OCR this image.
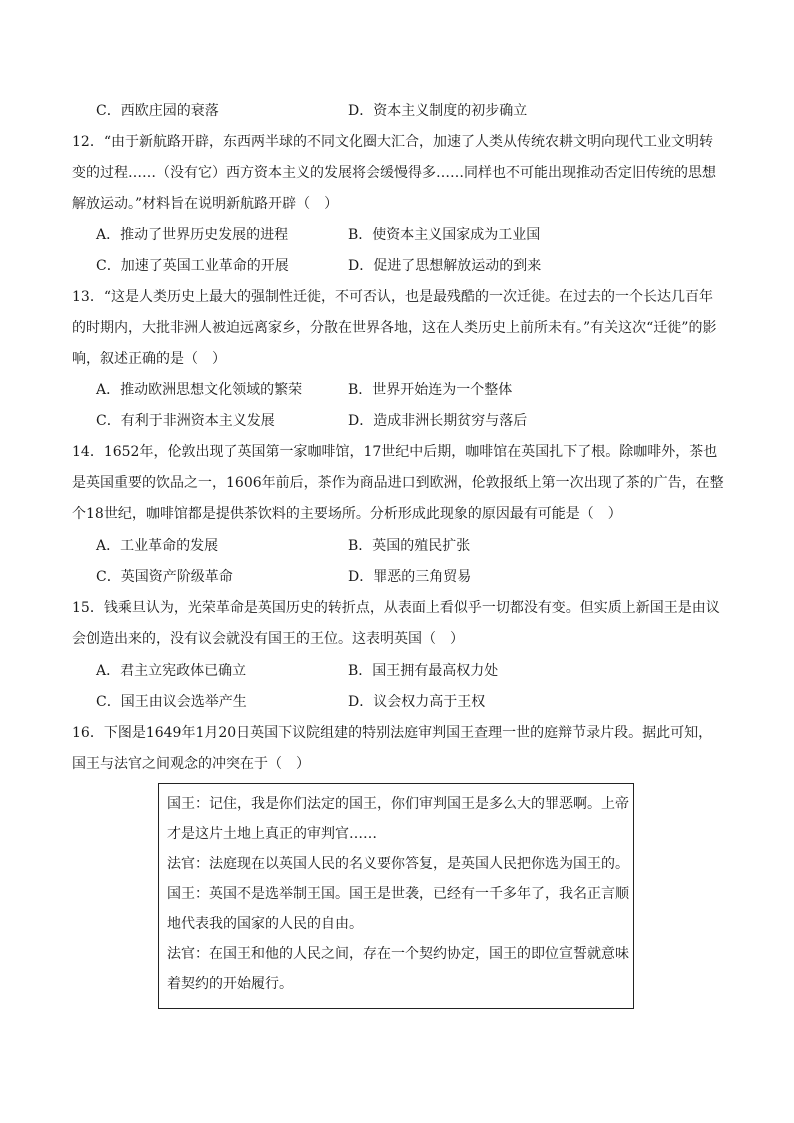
C．西欧庄园的衰落	D．资本主义制度的初步确立
12．“由于新航路开辟，东西两半球的不同文化圈大汇合，加速了人类从传统农耕文明向现代工业文明转
变的过程……（没有它）西方资本主义的发展将会缓慢得多……同样也不可能出现推动否定旧传统的思想
解放运动。”材料旨在说明新航路开辟（　）
A．推动了世界历史发展的进程	B．使资本主义国家成为工业国
C．加速了英国工业革命的开展	D．促进了思想解放运动的到来
13．“这是人类历史上最大的强制性迁徙，不可否认，也是最残酷的一次迁徙。在过去的一个长达几百年
的时期内，大批非洲人被迫远离家乡，分散在世界各地，这在人类历史上前所未有。”有关这次“迁徙”的影
响，叙述正确的是（　）
A．推动欧洲思想文化领域的繁荣	B．世界开始连为一个整体
C．有利于非洲资本主义发展	D．造成非洲长期贫穷与落后
14．1652年，伦敦出现了英国第一家咖啡馆，17世纪中后期，咖啡馆在英国扎下了根。除咖啡外，茶也
是英国重要的饮品之一，1606年前后，茶作为商品进口到欧洲，伦敦报纸上第一次出现了茶的广告，在整
个18世纪，咖啡馆都是提供茶饮料的主要场所。分析形成此现象的原因最有可能是（　）
A．工业革命的发展	B．英国的殖民扩张
C．英国资产阶级革命	D．罪恶的三角贸易
15．钱乘旦认为，光荣革命是英国历史的转折点，从表面上看似乎一切都没有变。但实质上新国王是由议
会创造出来的，没有议会就没有国王的王位。这表明英国（　）
A．君主立宪政体已确立	B．国王拥有最高权力处
C．国王由议会选举产生	D．议会权力高于王权
16．下图是1649年1月20日英国下议院组建的特别法庭审判国王查理一世的庭辩节录片段。据此可知，
国王与法官之间观念的冲突在于（　）
国王：记住，我是你们法定的国王，你们审判国王是多么大的罪恶啊。上帝
才是这片土地上真正的审判官……
法官：法庭现在以英国人民的名义要你答复，是英国人民把你选为国王的。
国王：英国不是选举制王国。国王是世袭，已经有一千多年了，我名正言顺
地代表我的国家的人民的自由。
法官：在国王和他的人民之间，存在一个契约协定，国王的即位宣誓就意味
着契约的开始履行。
